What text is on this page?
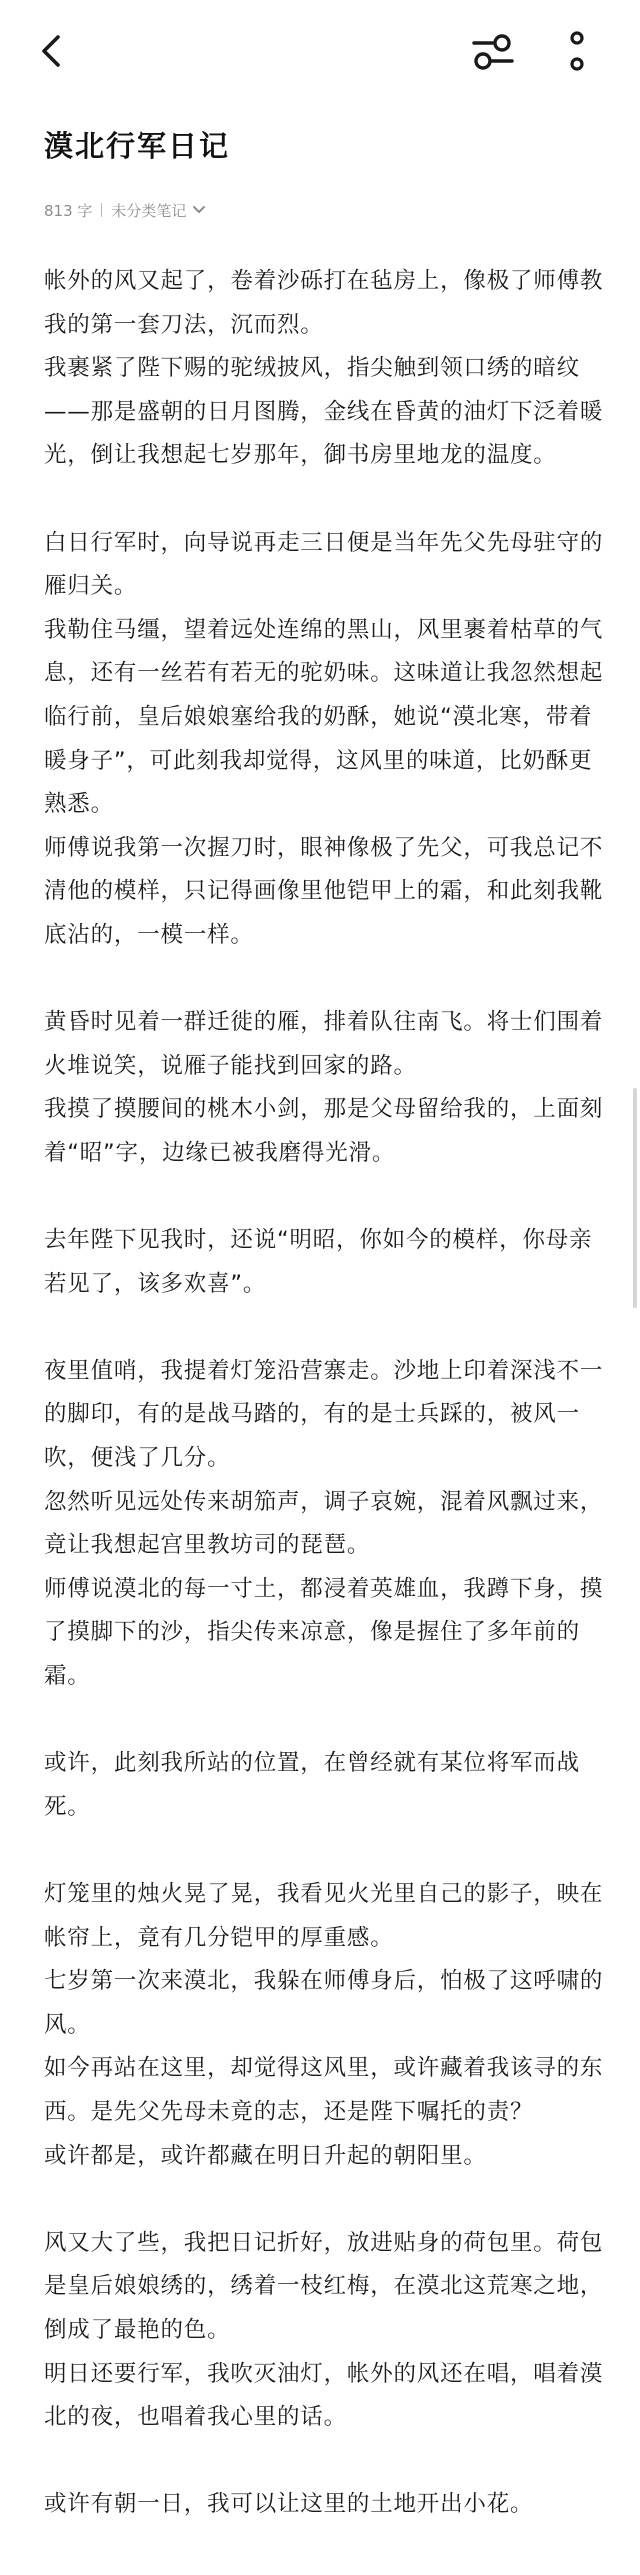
漠北行军日记
813 字 未分类笔记

帐外的风又起了，卷着沙砾打在毡房上，像极了师傅教我的第一套刀法，沉而烈。

我裹紧了陛下赐的驼绒披风，指尖触到领口绣的暗纹——那是盛朝的日月图腾，金线在昏黄的油灯下泛着暖光，倒让我想起七岁那年，御书房里地龙的温度。

白日行军时，向导说再走三日便是当年先父先母驻守的雁归关。

我勒住马缰，望着远处连绵的黑山，风里裹着枯草的气息，还有一丝若有若无的驼奶味。这味道让我忽然想起临行前，皇后娘娘塞给我的奶酥，她说“漠北寒，带着暖身子”，可此刻我却觉得，这风里的味道，比奶酥更熟悉。

师傅说我第一次握刀时，眼神像极了先父，可我总记不清他的模样，只记得画像里他铠甲上的霜，和此刻我靴底沾的，一模一样。

黄昏时见着一群迁徙的雁，排着队往南飞。将士们围着火堆说笑，说雁子能找到回家的路。

我摸了摸腰间的桃木小剑，那是父母留给我的，上面刻着“昭”字，边缘已被我磨得光滑。

去年陛下见我时，还说“明昭，你如今的模样，你母亲若见了，该多欢喜”。

夜里值哨，我提着灯笼沿营寨走。沙地上印着深浅不一的脚印，有的是战马踏的，有的是士兵踩的，被风一吹，便浅了几分。

忽然听见远处传来胡笳声，调子哀婉，混着风飘过来，竟让我想起宫里教坊司的琵琶。

师傅说漠北的每一寸土，都浸着英雄血，我蹲下身，摸了摸脚下的沙，指尖传来凉意，像是握住了多年前的霜。

或许，此刻我所站的位置，在曾经就有某位将军而战死。

灯笼里的烛火晃了晃，我看见火光里自己的影子，映在帐帘上，竟有几分铠甲的厚重感。

七岁第一次来漠北，我躲在师傅身后，怕极了这呼啸的风。

如今再站在这里，却觉得这风里，或许藏着我该寻的东西。是先父先母未竟的志，还是陛下嘱托的责？

或许都是，或许都藏在明日升起的朝阳里。

风又大了些，我把日记折好，放进贴身的荷包里。荷包是皇后娘娘绣的，绣着一枝红梅，在漠北这荒寒之地，倒成了最艳的色。

明日还要行军，我吹灭油灯，帐外的风还在唱，唱着漠北的夜，也唱着我心里的话。

或许有朝一日，我可以让这里的土地开出小花。
